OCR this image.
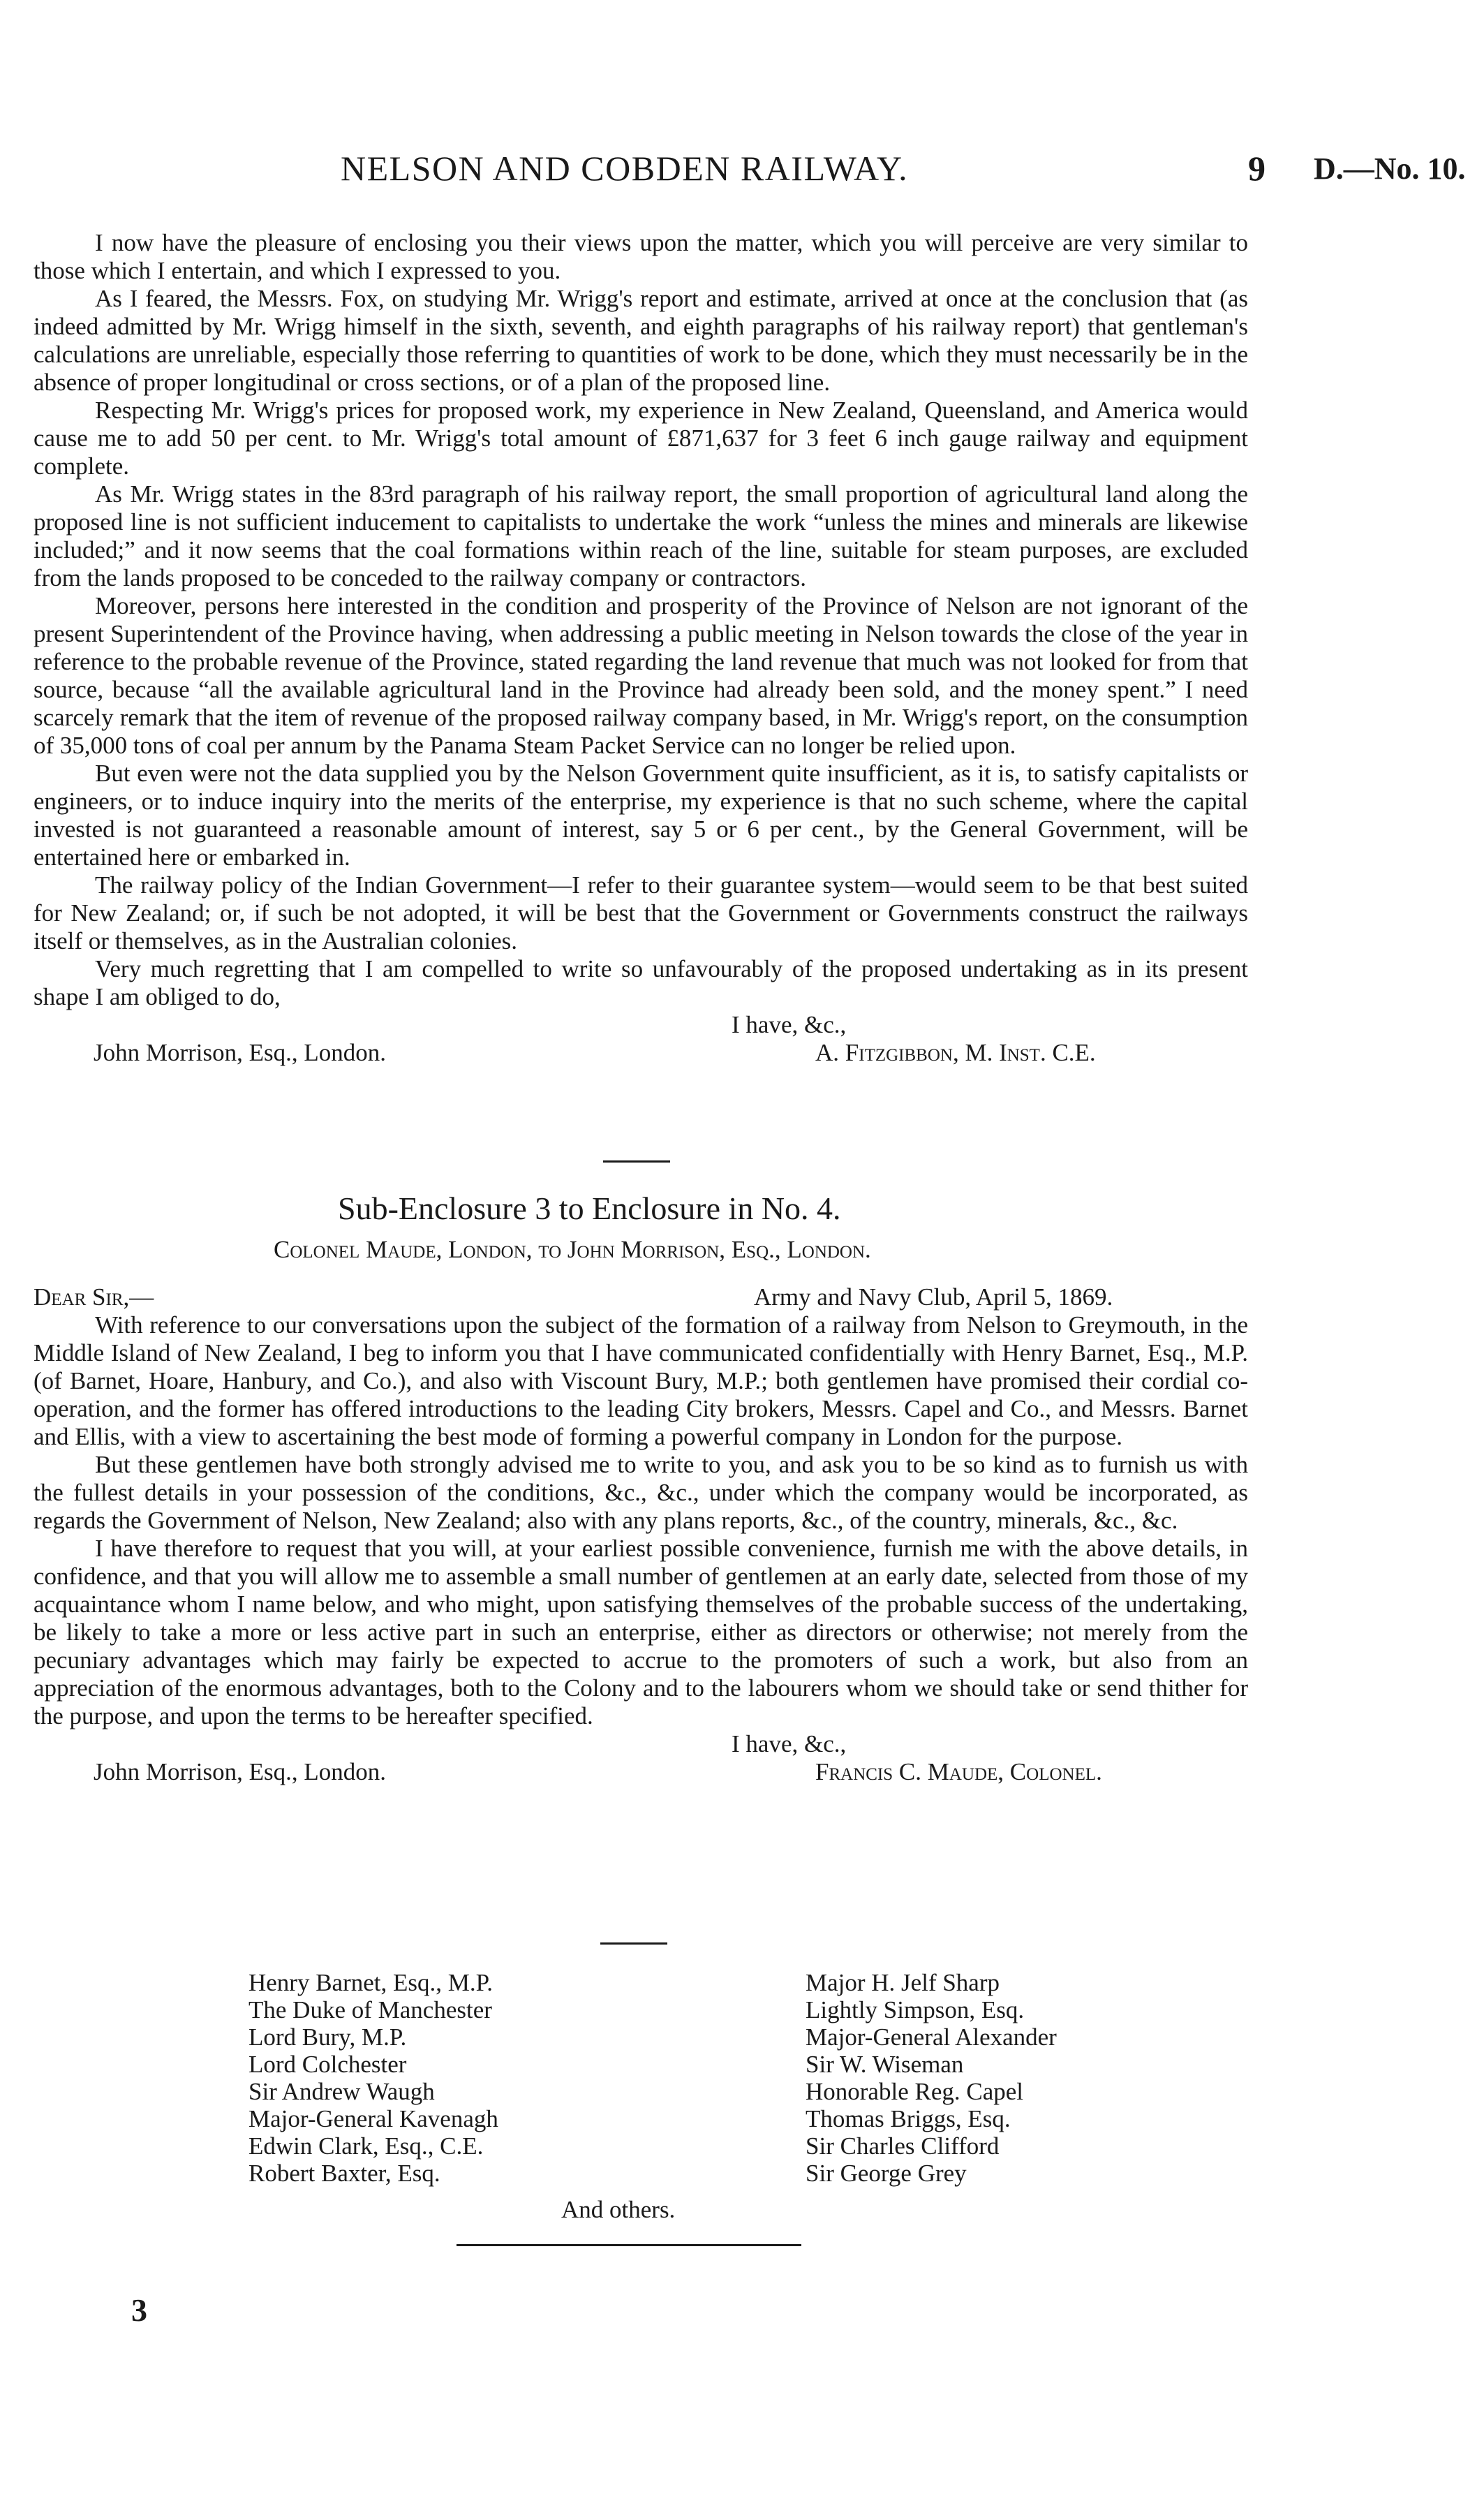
NELSON AND COBDEN RAILWAY.	9 D.—No. 10.

I now have the pleasure of enclosing you their views upon the matter, which you will perceive are very similar to those which I entertain, and which I expressed to you.

As I feared, the Messrs. Fox, on studying Mr. Wrigg's report and estimate, arrived at once at the conclusion that (as indeed admitted by Mr. Wrigg himself in the sixth, seventh, and eighth paragraphs of his railway report) that gentleman's calculations are unreliable, especially those referring to quantities of work to be done, which they must necessarily be in the absence of proper longitudinal or cross sections, or of a plan of the proposed line.

Respecting Mr. Wrigg's prices for proposed work, my experience in New Zealand, Queensland, and America would cause me to add 50 per cent. to Mr. Wrigg's total amount of £871,637 for 3 feet 6 inch gauge railway and equipment complete.

As Mr. Wrigg states in the 83rd paragraph of his railway report, the small proportion of agricultural land along the proposed line is not sufficient inducement to capitalists to undertake the work “unless the mines and minerals are likewise included;” and it now seems that the coal formations within reach of the line, suitable for steam purposes, are excluded from the lands proposed to be conceded to the railway company or contractors.

Moreover, persons here interested in the condition and prosperity of the Province of Nelson are not ignorant of the present Superintendent of the Province having, when addressing a public meeting in Nelson towards the close of the year in reference to the probable revenue of the Province, stated regarding the land revenue that much was not looked for from that source, because “all the available agricultural land in the Province had already been sold, and the money spent.” I need scarcely remark that the item of revenue of the proposed railway company based, in Mr. Wrigg's report, on the consumption of 35,000 tons of coal per annum by the Panama Steam Packet Service can no longer be relied upon.

But even were not the data supplied you by the Nelson Government quite insufficient, as it is, to satisfy capitalists or engineers, or to induce inquiry into the merits of the enterprise, my experience is that no such scheme, where the capital invested is not guaranteed a reasonable amount of interest, say 5 or 6 per cent., by the General Government, will be entertained here or embarked in.

The railway policy of the Indian Government—I refer to their guarantee system—would seem to be that best suited for New Zealand; or, if such be not adopted, it will be best that the Government or Governments construct the railways itself or themselves, as in the Australian colonies.

Very much regretting that I am compelled to write so unfavourably of the proposed undertaking as in its present shape I am obliged to do,

I have, &c.,
John Morrison, Esq., London.	A. Fitzgibbon, M. Inst. C.E.
Sub-Enclosure 3 to Enclosure in No. 4.
Colonel Maude, London, to John Morrison, Esq., London.
Dear Sir,—	Army and Navy Club, April 5, 1869.

With reference to our conversations upon the subject of the formation of a railway from Nelson to Greymouth, in the Middle Island of New Zealand, I beg to inform you that I have communicated confidentially with Henry Barnet, Esq., M.P. (of Barnet, Hoare, Hanbury, and Co.), and also with Viscount Bury, M.P.; both gentlemen have promised their cordial co-operation, and the former has offered introductions to the leading City brokers, Messrs. Capel and Co., and Messrs. Barnet and Ellis, with a view to ascertaining the best mode of forming a powerful company in London for the purpose.

But these gentlemen have both strongly advised me to write to you, and ask you to be so kind as to furnish us with the fullest details in your possession of the conditions, &c., &c., under which the company would be incorporated, as regards the Government of Nelson, New Zealand; also with any plans reports, &c., of the country, minerals, &c., &c.

I have therefore to request that you will, at your earliest possible convenience, furnish me with the above details, in confidence, and that you will allow me to assemble a small number of gentlemen at an early date, selected from those of my acquaintance whom I name below, and who might, upon satisfying themselves of the probable success of the undertaking, be likely to take a more or less active part in such an enterprise, either as directors or otherwise; not merely from the pecuniary advantages which may fairly be expected to accrue to the promoters of such a work, but also from an appreciation of the enormous advantages, both to the Colony and to the labourers whom we should take or send thither for the purpose, and upon the terms to be hereafter specified.

I have, &c.,
John Morrison, Esq., London.	Francis C. Maude, Colonel.
Henry Barnet, Esq., M.P.
The Duke of Manchester
Lord Bury, M.P.
Lord Colchester
Sir Andrew Waugh
Major-General Kavenagh
Edwin Clark, Esq., C.E.
Robert Baxter, Esq.
Major H. Jelf Sharp
Lightly Simpson, Esq.
Major-General Alexander
Sir W. Wiseman
Honorable Reg. Capel
Thomas Briggs, Esq.
Sir Charles Clifford
Sir George Grey
And others.
3
